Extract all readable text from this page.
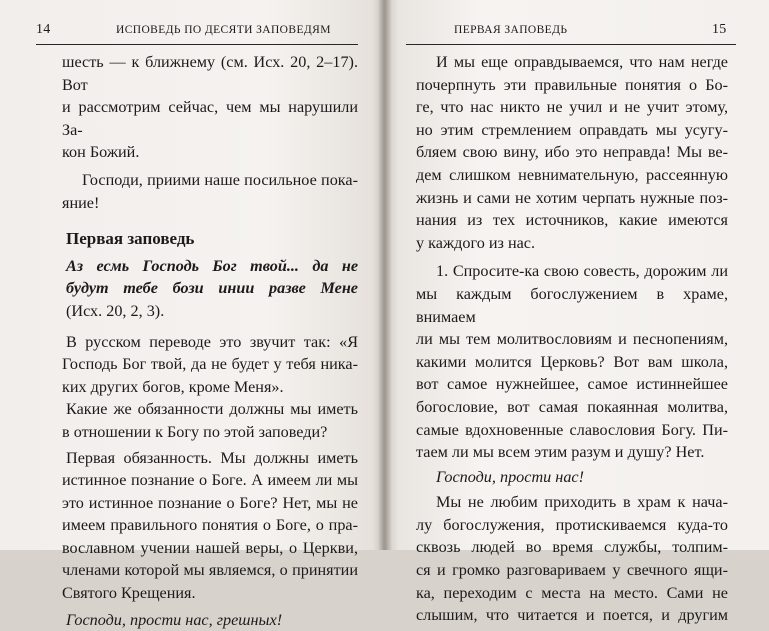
14	ИСПОВЕДЬ ПО ДЕСЯТИ ЗАПОВЕДЯМ

шесть — к ближнему (см. Исх. 20, 2–17). Вот

и рассмотрим сейчас, чем мы нарушили За-

кон Божий.

Господи, приими наше посильное пока-

яние!

Первая заповедь

Аз есмь Господь Бог твой... да не

будут тебе бози инии разве Мене

(Исх. 20, 2, 3).

В русском переводе это звучит так: «Я

Господь Бог твой, да не будет у тебя ника-

ких других богов, кроме Меня».

Какие же обязанности должны мы иметь

в отношении к Богу по этой заповеди?

Первая обязанность. Мы должны иметь

истинное познание о Боге. А имеем ли мы

это истинное познание о Боге? Нет, мы не

имеем правильного понятия о Боге, о пра-

вославном учении нашей веры, о Церкви,

членами которой мы являемся, о принятии

Святого Крещения.

Господи, прости нас, грешных!

ПЕРВАЯ ЗАПОВЕДЬ	15

И мы еще оправдываемся, что нам негде

почерпнуть эти правильные понятия о Бо-

ге, что нас никто не учил и не учит этому,

но этим стремлением оправдать мы усугу-

бляем свою вину, ибо это неправда! Мы ве-

дем слишком невнимательную, рассеянную

жизнь и сами не хотим черпать нужные поз-

нания из тех источников, какие имеются

у каждого из нас.

1. Спросите-ка свою совесть, дорожим ли

мы каждым богослужением в храме, внимаем

ли мы тем молитвословиям и песнопениям,

какими молится Церковь? Вот вам школа,

вот самое нужнейшее, самое истиннейшее

богословие, вот самая покаянная молитва,

самые вдохновенные славословия Богу. Пи-

таем ли мы всем этим разум и душу? Нет.

Господи, прости нас!

Мы не любим приходить в храм к нача-

лу богослужения, протискиваемся куда-то

сквозь людей во время службы, толпим-

ся и громко разговариваем у свечного ящи-

ка, переходим с места на место. Сами не

слышим, что читается и поется, и другим
